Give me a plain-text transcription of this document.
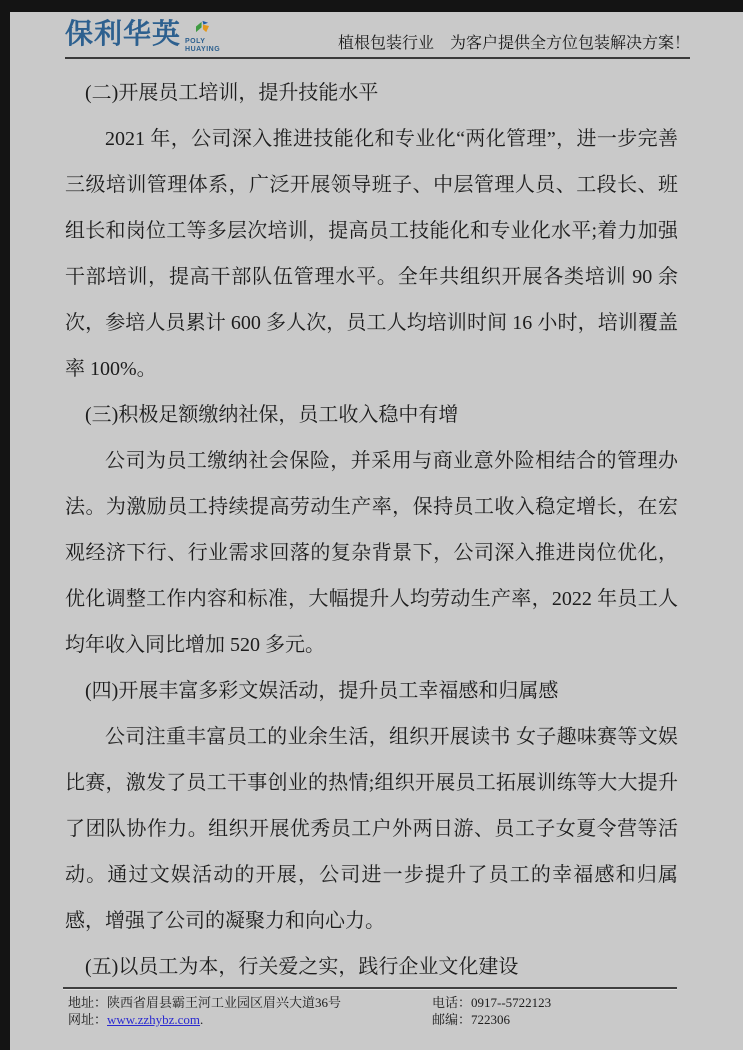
保利华英 POLY
HUAYING	植根包装行业　为客户提供全方位包装解决方案！

(二)开展员工培训，提升技能水平

2021 年，公司深入推进技能化和专业化“两化管理”，进一步完善三级培训管理体系，广泛开展领导班子、中层管理人员、工段长、班组长和岗位工等多层次培训，提高员工技能化和专业化水平;着力加强干部培训，提高干部队伍管理水平。全年共组织开展各类培训 90 余次，参培人员累计 600 多人次，员工人均培训时间 16 小时，培训覆盖率 100%。

(三)积极足额缴纳社保，员工收入稳中有增

公司为员工缴纳社会保险，并采用与商业意外险相结合的管理办法。为激励员工持续提高劳动生产率，保持员工收入稳定增长，在宏观经济下行、行业需求回落的复杂背景下，公司深入推进岗位优化，优化调整工作内容和标准，大幅提升人均劳动生产率，2022 年员工人均年收入同比增加 520 多元。

(四)开展丰富多彩文娱活动，提升员工幸福感和归属感

公司注重丰富员工的业余生活，组织开展读书 女子趣味赛等文娱比赛，激发了员工干事创业的热情;组织开展员工拓展训练等大大提升了团队协作力。组织开展优秀员工户外两日游、员工子女夏令营等活动。通过文娱活动的开展，公司进一步提升了员工的幸福感和归属感，增强了公司的凝聚力和向心力。

(五)以员工为本，行关爱之实，践行企业文化建设

地址：陕西省眉县霸王河工业园区眉兴大道36号	电话：0917--5722123
网址：www.zzhybz.com.	邮编：722306
